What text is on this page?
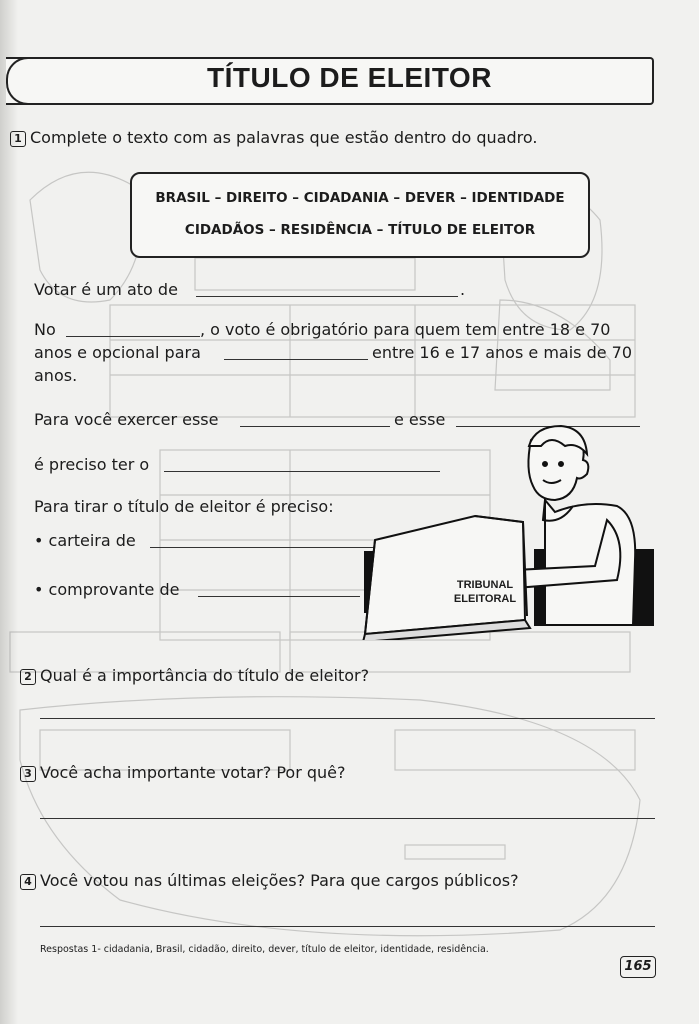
TÍTULO DE ELEITOR
1 Complete o texto com as palavras que estão dentro do quadro.
BRASIL – DIREITO – CIDADANIA – DEVER – IDENTIDADE
CIDADÃOS – RESIDÊNCIA – TÍTULO DE ELEITOR
Votar é um ato de	.
No	, o voto é obrigatório para quem tem entre 18 e 70
anos e opcional para	entre 16 e 17 anos e mais de 70
anos.
Para você exercer esse	e esse
é preciso ter o
Para tirar o título de eleitor é preciso:
• carteira de
• comprovante de	TRIBUNAL ELEITORAL
2 Qual é a importância do título de eleitor?
3 Você acha importante votar? Por quê?
4 Você votou nas últimas eleições? Para que cargos públicos?
Respostas 1- cidadania, Brasil, cidadão, direito, dever, título de eleitor, identidade, residência.
165
